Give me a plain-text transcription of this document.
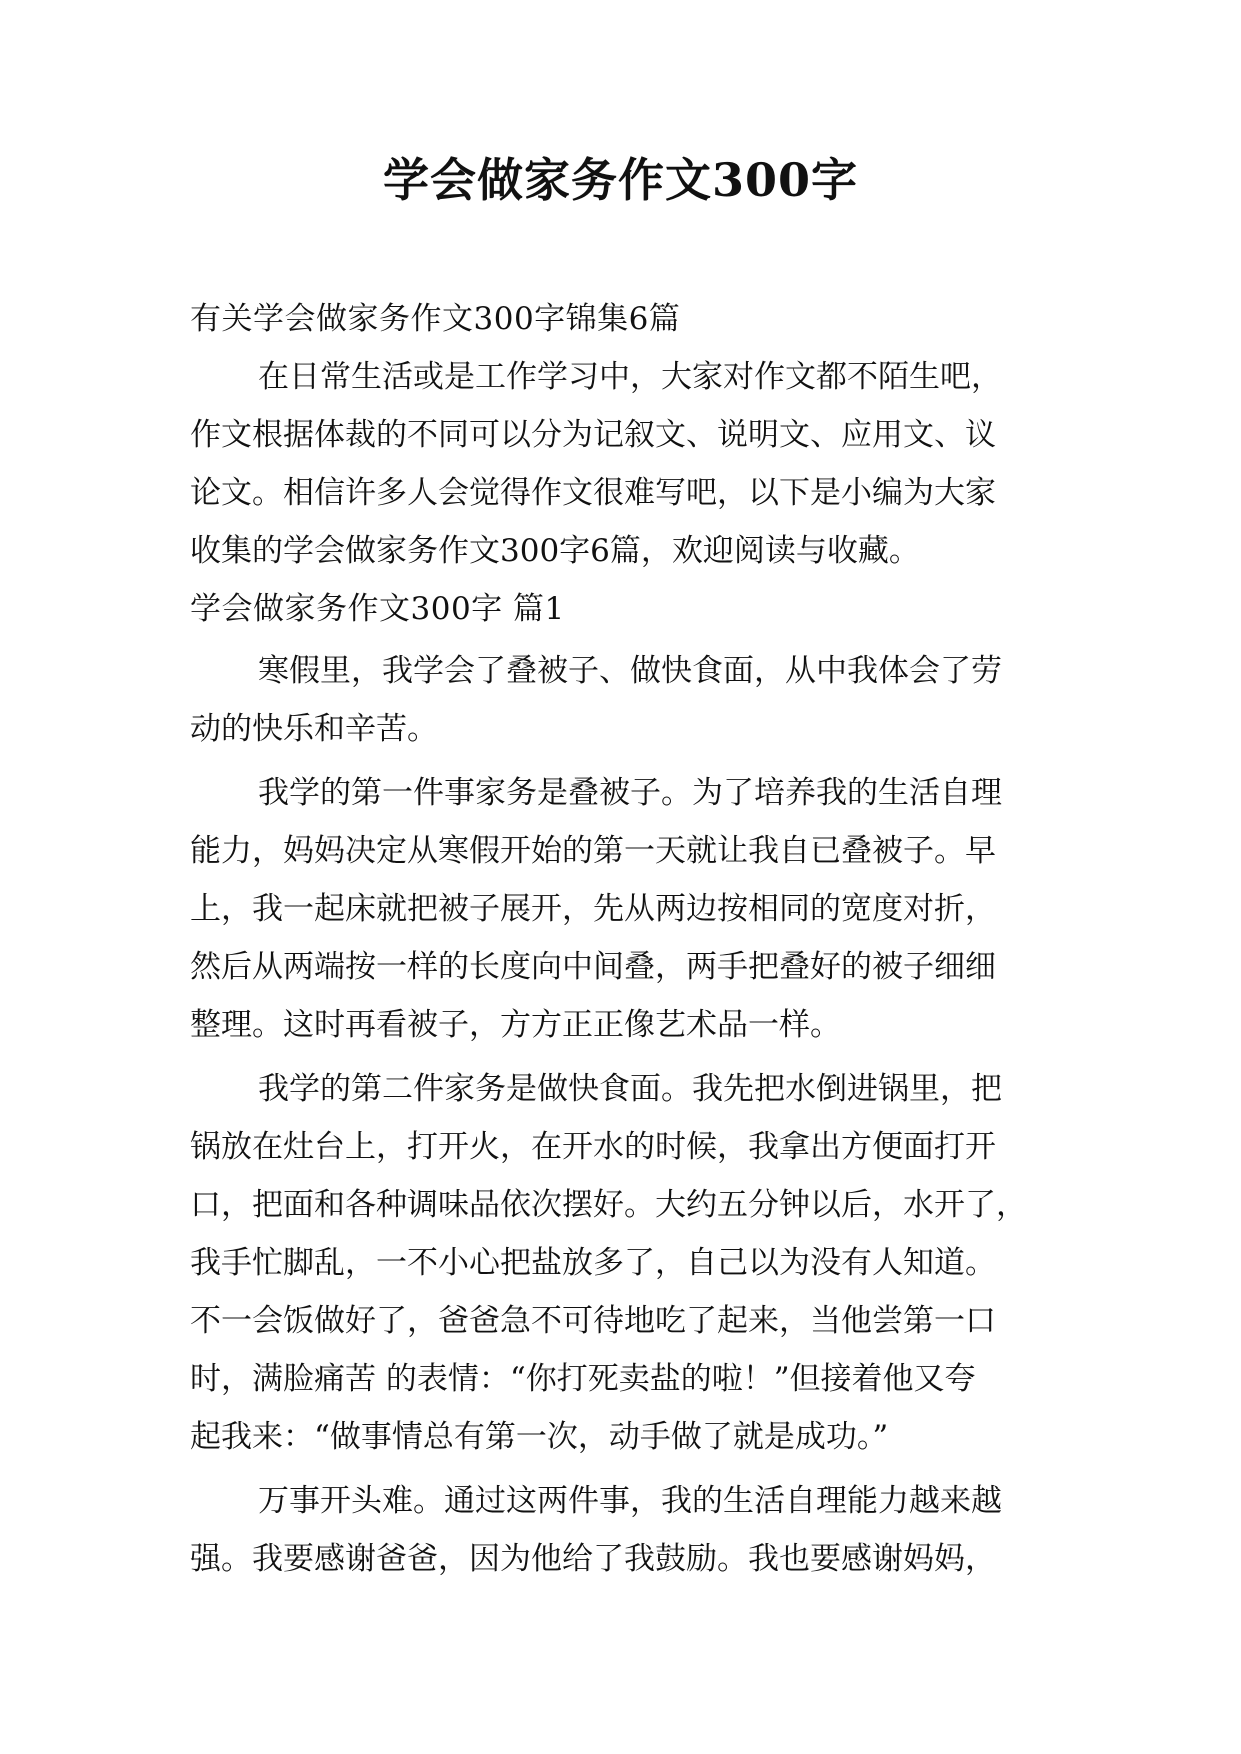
学会做家务作文300字
有关学会做家务作文300字锦集6篇
在日常生活或是工作学习中，大家对作文都不陌生吧，
作文根据体裁的不同可以分为记叙文、说明文、应用文、议
论文。相信许多人会觉得作文很难写吧，以下是小编为大家
收集的学会做家务作文300字6篇，欢迎阅读与收藏。
学会做家务作文300字 篇1
寒假里，我学会了叠被子、做快食面，从中我体会了劳
动的快乐和辛苦。
我学的第一件事家务是叠被子。为了培养我的生活自理
能力，妈妈决定从寒假开始的第一天就让我自已叠被子。早
上，我一起床就把被子展开，先从两边按相同的宽度对折，
然后从两端按一样的长度向中间叠，两手把叠好的被子细细
整理。这时再看被子，方方正正像艺术品一样。
我学的第二件家务是做快食面。我先把水倒进锅里，把
锅放在灶台上，打开火，在开水的时候，我拿出方便面打开
口，把面和各种调味品依次摆好。大约五分钟以后，水开了，
我手忙脚乱，一不小心把盐放多了，自己以为没有人知道。
不一会饭做好了，爸爸急不可待地吃了起来，当他尝第一口
时，满脸痛苦 的表情：“你打死卖盐的啦！”但接着他又夸
起我来：“做事情总有第一次，动手做了就是成功。”
万事开头难。通过这两件事，我的生活自理能力越来越
强。我要感谢爸爸，因为他给了我鼓励。我也要感谢妈妈，
